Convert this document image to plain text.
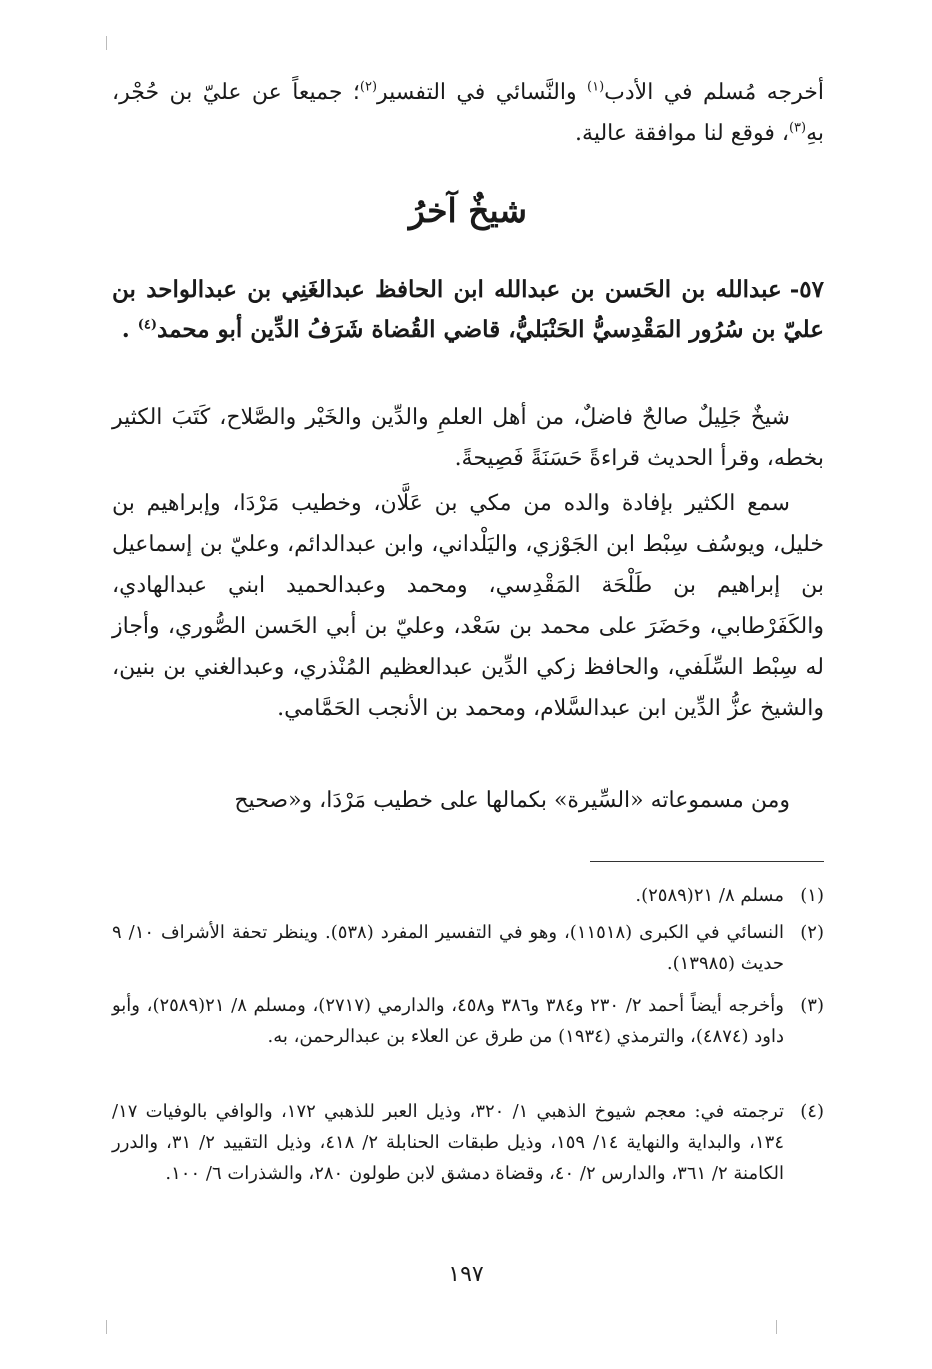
أخرجه مُسلم في الأدب$^{(١)}$ والنَّسائي في التفسير$^{(٢)}$؛ جميعاً عن عليّ بن حُجْر، بهِ$^{(٣)}$، فوقع لنا موافقة عالية.

شيخٌ آخرُ

٥٧-عبدالله بن الحَسن بن عبدالله ابن الحافظ عبدالغَنِي بن عبدالواحد بن عليّ بن سُرُور المَقْدِسيُّ الحَنْبَليُّ، قاضي القُضاة شَرَفُ الدِّين أبو محمد$^{(٤)}$ .

شيخٌ جَلِيلٌ صالحٌ فاضلٌ، من أهل العلمِ والدِّين والخَيْر والصَّلاح، كَتَبَ الكثير بخطه، وقرأ الحديث قراءةً حَسَنَةً فَصِيحةً.

سمع الكثير بإفادة والده من مكي بن عَلَّان، وخطيب مَرْدَا، وإبراهيم بن خليل، ويوسُف سِبْط ابن الجَوْزي، واليَلْداني، وابن عبدالدائم، وعليّ بن إسماعيل بن إبراهيم بن طَلْحَة المَقْدِسي، ومحمد وعبدالحميد ابني عبدالهادي، والكَفَرْطابي، وحَضَرَ على محمد بن سَعْد، وعليّ بن أبي الحَسن الصُّوري، وأجاز له سِبْط السِّلَفي، والحافظ زكي الدِّين عبدالعظيم المُنْذري، وعبدالغني بن بنين، والشيخ عزُّ الدِّين ابن عبدالسَّلام، ومحمد بن الأنجب الحَمَّامي.

ومن مسموعاته «السِّيرة» بكمالها على خطيب مَرْدَا، و«صحيح

(١)
مسلم ٨/ ٢١(٢٥٨٩).
(٢)
النسائي في الكبرى (١١٥١٨)، وهو في التفسير المفرد (٥٣٨). وينظر تحفة الأشراف ١٠/ ٩ حديث (١٣٩٨٥).
(٣)
وأخرجه أيضاً أحمد ٢/ ٢٣٠ و٣٨٤ و٣٨٦ و٤٥٨، والدارمي (٢٧١٧)، ومسلم ٨/ ٢١(٢٥٨٩)، وأبو داود (٤٨٧٤)، والترمذي (١٩٣٤) من طرق عن العلاء بن عبدالرحمن، به.
(٤)
ترجمته في: معجم شيوخ الذهبي ١/ ٣٢٠، وذيل العبر للذهبي ١٧٢، والوافي بالوفيات ١٧/ ١٣٤، والبداية والنهاية ١٤/ ١٥٩، وذيل طبقات الحنابلة ٢/ ٤١٨، وذيل التقييد ٢/ ٣١، والدرر الكامنة ٢/ ٣٦١، والدارس ٢/ ٤٠، وقضاة دمشق لابن طولون ٢٨٠، والشذرات ٦/ ١٠٠.
١٩٧
